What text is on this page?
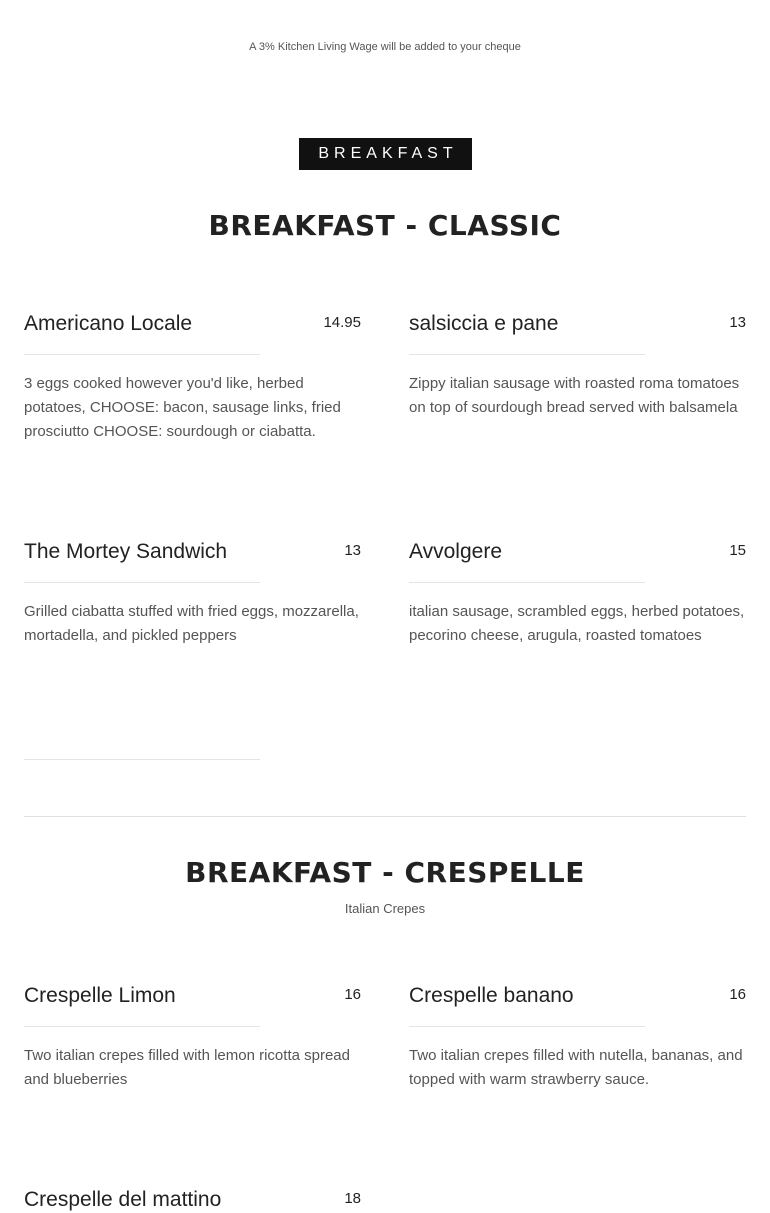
A 3% Kitchen Living Wage will be added to your cheque
BREAKFAST
BREAKFAST - CLASSIC
Americano Locale	14.95
3 eggs cooked however you'd like, herbed potatoes, CHOOSE: bacon, sausage links, fried prosciutto CHOOSE: sourdough or ciabatta.
salsiccia e pane	13
Zippy italian sausage with roasted roma tomatoes on top of sourdough bread served with balsamela
The Mortey Sandwich	13
Grilled ciabatta stuffed with fried eggs, mozzarella, mortadella, and pickled peppers
Avvolgere	15
italian sausage, scrambled eggs, herbed potatoes, pecorino cheese, arugula, roasted tomatoes
BREAKFAST - CRESPELLE
Italian Crepes
Crespelle Limon	16
Two italian crepes filled with lemon ricotta spread and blueberries
Crespelle banano	16
Two italian crepes filled with nutella, bananas, and topped with warm strawberry sauce.
Crespelle del mattino	18
